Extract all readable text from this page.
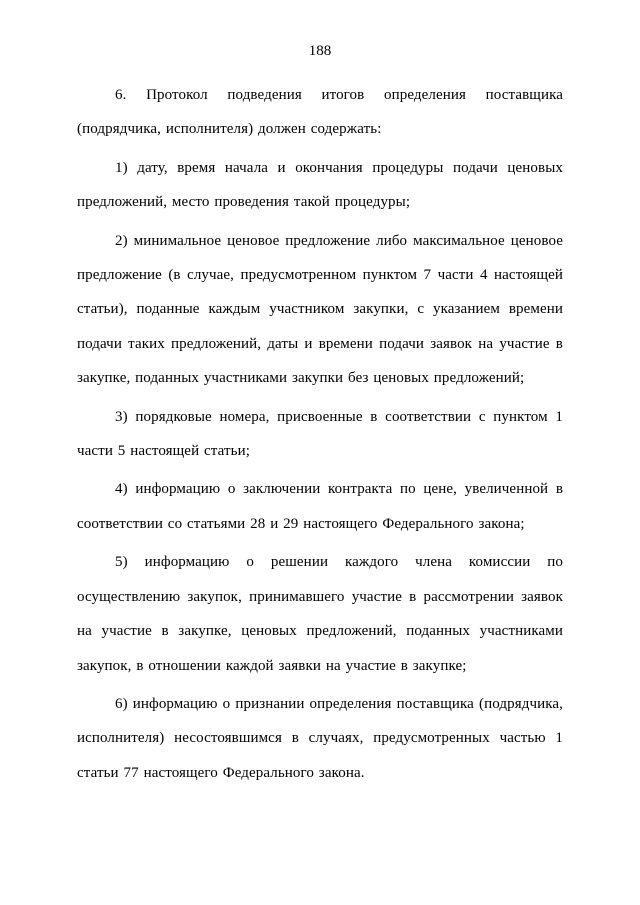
188

6. Протокол подведения итогов определения поставщика (подрядчика, исполнителя) должен содержать:

1) дату, время начала и окончания процедуры подачи ценовых предложений, место проведения такой процедуры;

2) минимальное ценовое предложение либо максимальное ценовое предложение (в случае, предусмотренном пунктом 7 части 4 настоящей статьи), поданные каждым участником закупки, с указанием времени подачи таких предложений, даты и времени подачи заявок на участие в закупке, поданных участниками закупки без ценовых предложений;

3) порядковые номера, присвоенные в соответствии с пунктом 1 части 5 настоящей статьи;

4) информацию о заключении контракта по цене, увеличенной в соответствии со статьями 28 и 29 настоящего Федерального закона;

5) информацию о решении каждого члена комиссии по осуществлению закупок, принимавшего участие в рассмотрении заявок на участие в закупке, ценовых предложений, поданных участниками закупок, в отношении каждой заявки на участие в закупке;

6) информацию о признании определения поставщика (подрядчика, исполнителя) несостоявшимся в случаях, предусмотренных частью 1 статьи 77 настоящего Федерального закона.
